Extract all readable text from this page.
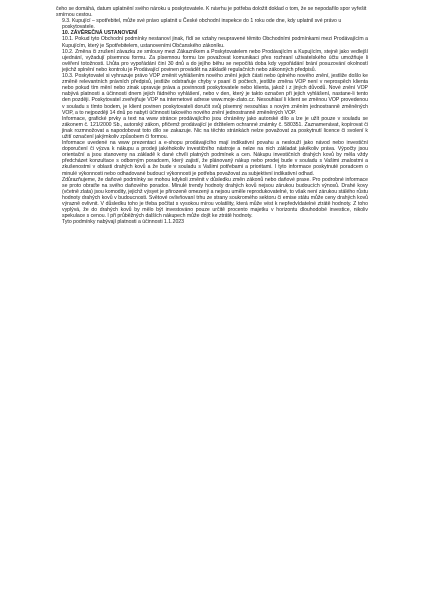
čeho se domáhá, datum uplatnění svého nároku u poskytovatele. K návrhu je potřeba doložit doklad o tom, že se nepodařilo spor vyřešit smírnou cestou.

9.3. Kupující – spotřebitel, může své právo uplatnit u České obchodní inspekce do 1 roku ode dne, kdy uplatnil své právo u poskytovatele.

10. ZÁVĚREČNÁ USTANOVENÍ

10.1. Pokud tyto Obchodní podmínky nestanoví jinak, řídí se vztahy neupravené těmito Obchodními podmínkami mezi Prodávajícím a Kupujícím, který je Spotřebitelem, ustanoveními Občanského zákoníku.

10.2. Změna či zrušení závazku ze smlouvy mezi Zákazníkem a Poskytovatelem nebo Prodávajícím a Kupujícím, stejně jako vedlejší ujednání, vyžadují písemnou formu. Za písemnou formu lze považovat komunikaci přes rozhraní uživatelského účtu umožňuje li ověření totožnosti. Lhůta pro vypořádání činí 30 dnů a do jejího běhu se nepočítá doba kdy vypořádání brání posuzování okolností jejichž splnění nebo kontrolu je Prodávající povinen provádět na základě regulačních nebo zákonných předpisů.

10.3. Poskytovatel si vyhrazuje právo VOP změnit vyhlášením nového znění jejich části nebo úplného nového znění, jestliže došlo ke změně relevantních právních předpisů, jestliže odstraňuje chyby v psaní či počtech, jestliže změna VOP není v neprospěch klienta nebo pokud tím mění nebo zinak upravuje práva a povinnosti poskytovatele nebo klienta, jakož i z jiných důvodů. Nové znění VOP nabývá platnosti a účinnosti dnem jejich řádného vyhlášení, nebo v den, který je takto označen při jejich vyhlášení, nastane-li tento den později. Poskytovatel zveřejňuje VOP na internetové adrese www.moje-zlato.cz. Nesouhlasí li klient se změnou VOP provedenou v souladu s tímto bodem, je klient povinen poskytovateli doručit svůj písemný nesouhlas s novým zněním jednostranně změněných VOP, a to nejpozději 14 dnů po nabytí účinnosti takového nového znění jednostranně změněných VOP.

Informace, grafické prvky a text na www stránce prodávajícího jsou chráněny jako autorské dílo a lze je užít pouze v souladu se zákonem č. 121/2000 Sb., autorský zákon, přičemž prodávající je držitelem ochranné známky č. 580351. Zaznamenávat, kopírovat či jinak rozmnožovat a napodobovat toto dílo se zakazuje. Nic na těchto stránkách nelze považovat za poskytnutí licence či svolení k užití označení jakýmkoliv způsobem či formou.

Informace uvedené na www prezentaci a e-shopu prodávajícího mají indikativní povahu a neslouží jako návod nebo investiční doporučení či výzva k nákupu a prodeji jakéhokoliv investičního nástroje a nelze na nich základat jakékoliv práva. Výpočty jsou orientační a jsou stanoveny na základě k dané chvíli platných podmínek a cen. Nákupu investičních drahých kovů by měla vždy předcházet konzultace s odborným poradcem, který zajistí, že plánovaný nákup nebo prodej bude v souladu s Vašimi znalostmi a zkušenostmi v oblasti drahých kovů a že bude v souladu s Vašimi potřebami a prioritami. I tyto informace poskytnuté poradcem o minulé výkonnosti nebo odhadované budoucí výkonnosti je potřeba považovat za subjektivní indikativní odhad.

Zdůrazňujeme, že daňové podmínky se mohou kdykoli změnit v důsledku změn zákonů nebo daňové praxe. Pro podrobné informace se proto obraťte na svého daňového poradce. Minulé trendy hodnoty drahých kovů nejsou zárukou budoucích výnosů. Drahé kovy (včetně zlata) jsou komodity, jejichž výsyet je přirozeně omezený a nejsou uměle reprodukovatelné, to však není zárukou stálého růstu hodnoty drahých kovů v budoucnosti. Světové ovlivňovaní trhu ze strany soukromého sektoru či emise státu může ceny drahých kovů výrazně ovlivnit. V důsledku toho je třeba počítat s vysokou mírou volatility, která může vést k nepředvídatelné ztrátě hodnoty. Z toho vyplývá, že do drahých kovů by mělo být investováno pouze určitě procento majetku v horizontu dlouhodobé investice, nikoliv spekulace s cenou. I při průběžných dalších nákupech může dojít ke ztrátě hodnoty.

Tyto podmínky nabývají platnosti a účinnosti 1.1.2023
